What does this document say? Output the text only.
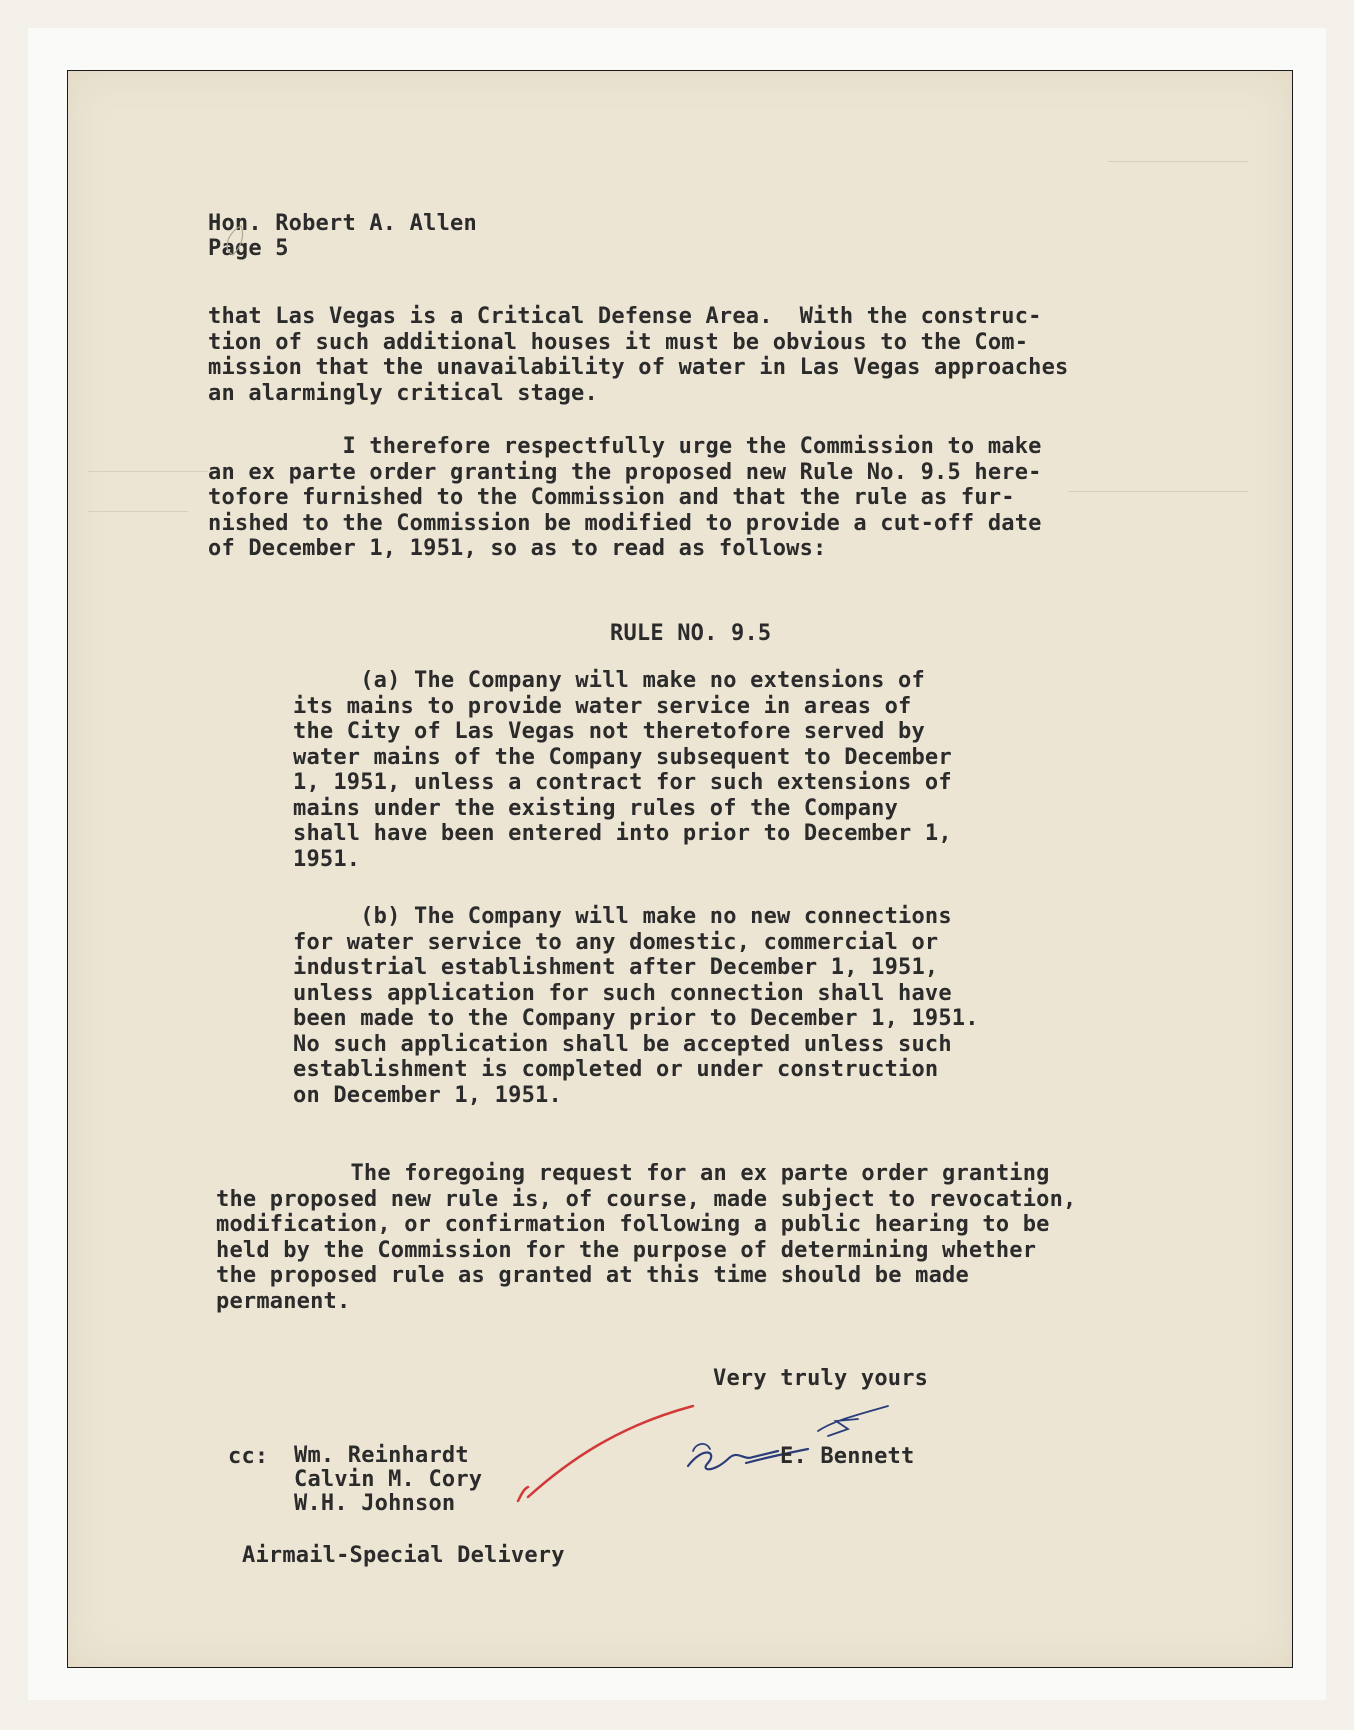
Hon. Robert A. Allen
Page 5
that Las Vegas is a Critical Defense Area.  With the construc-
tion of such additional houses it must be obvious to the Com-
mission that the unavailability of water in Las Vegas approaches
an alarmingly critical stage.
I therefore respectfully urge the Commission to make
an ex parte order granting the proposed new Rule No. 9.5 here-
tofore furnished to the Commission and that the rule as fur-
nished to the Commission be modified to provide a cut-off date
of December 1, 1951, so as to read as follows:
RULE NO. 9.5
(a) The Company will make no extensions of
its mains to provide water service in areas of
the City of Las Vegas not theretofore served by
water mains of the Company subsequent to December
1, 1951, unless a contract for such extensions of
mains under the existing rules of the Company
shall have been entered into prior to December 1,
1951.
(b) The Company will make no new connections
for water service to any domestic, commercial or
industrial establishment after December 1, 1951,
unless application for such connection shall have
been made to the Company prior to December 1, 1951.
No such application shall be accepted unless such
establishment is completed or under construction
on December 1, 1951.
The foregoing request for an ex parte order granting
the proposed new rule is, of course, made subject to revocation,
modification, or confirmation following a public hearing to be
held by the Commission for the purpose of determining whether
the proposed rule as granted at this time should be made
permanent.
Very truly yours
E. Bennett
cc: Wm. Reinhardt
Calvin M. Cory
W.H. Johnson
Airmail-Special Delivery
